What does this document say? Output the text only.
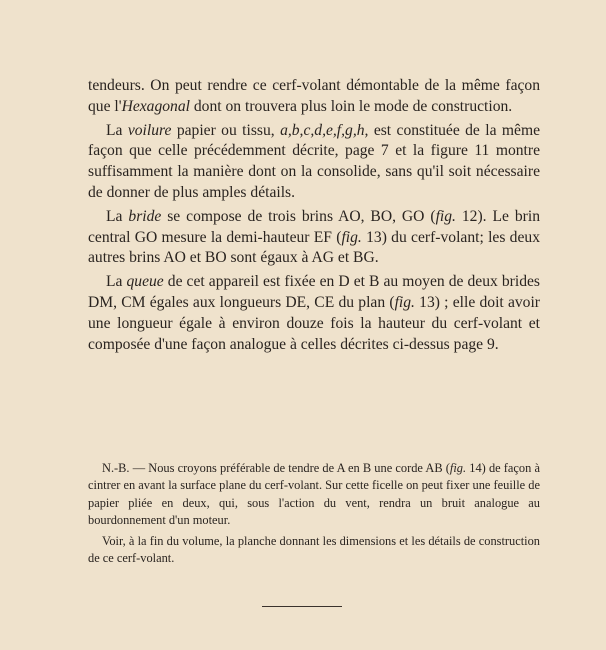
tendeurs. On peut rendre ce cerf-volant démontable de la même façon que l'Hexagonal dont on trouvera plus loin le mode de construction.

La voilure papier ou tissu, a,b,c,d,e,f,g,h, est constituée de la même façon que celle précédemment décrite, page 7 et la figure 11 montre suffisamment la manière dont on la consolide, sans qu'il soit nécessaire de donner de plus amples détails.

La bride se compose de trois brins AO, BO, GO (fig. 12). Le brin central GO mesure la demi-hauteur EF (fig. 13) du cerf-volant; les deux autres brins AO et BO sont égaux à AG et BG.

La queue de cet appareil est fixée en D et B au moyen de deux brides DM, CM égales aux longueurs DE, CE du plan (fig. 13) ; elle doit avoir une longueur égale à environ douze fois la hauteur du cerf-volant et composée d'une façon analogue à celles décrites ci-dessus page 9.

N.-B. — Nous croyons préférable de tendre de A en B une corde AB (fig. 14) de façon à cintrer en avant la surface plane du cerf-volant. Sur cette ficelle on peut fixer une feuille de papier pliée en deux, qui, sous l'action du vent, rendra un bruit analogue au bourdonnement d'un moteur.

Voir, à la fin du volume, la planche donnant les dimensions et les détails de construction de ce cerf-volant.
